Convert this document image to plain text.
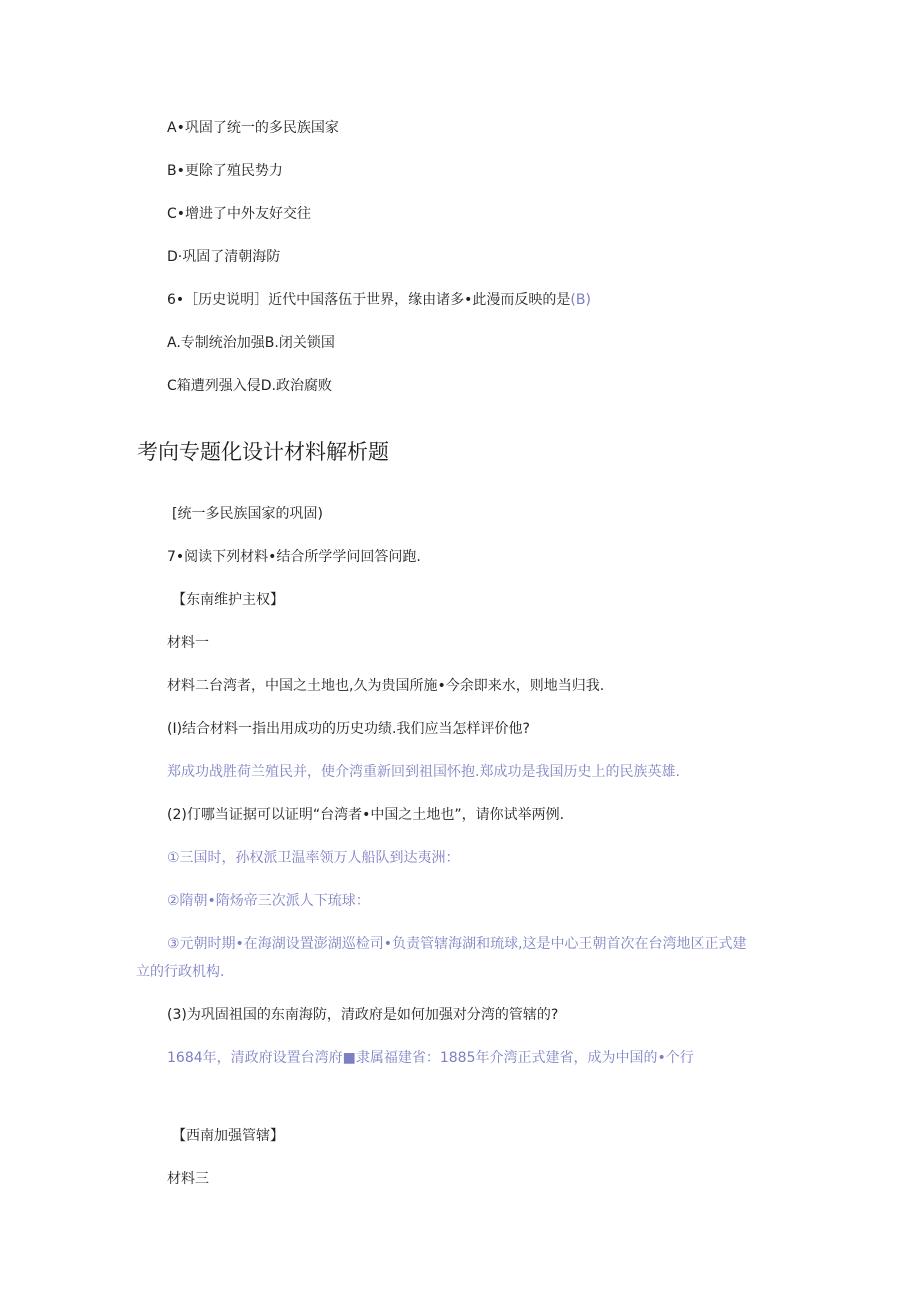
A•巩固了统一的多民族国家
B•更除了殖民势力
C•增进了中外友好交往
D·巩固了清朝海防
6•［历史说明］近代中国落伍于世界，缘由诸多•此漫而反映的是(B)
A.专制统治加强B.闭关锁国
C箱遭列强入侵D.政治腐败
考向专题化设计材料解析题
[统一多民族国家的巩固)
7•阅读下列材料•结合所学学问回答问跑.
【东南维护主权】
材料一
材料二台湾者，中国之土地也,久为贵国所施•今余即来水，则地当归我.
(I)结合材料一指出用成功的历史功绩.我们应当怎样评价他?
郑成功战胜荷兰殖民并，使介湾重新回到祖国怀抱.郑成功是我国历史上的民族英雄.
(2)仃哪当证据可以证明“台湾者•中国之土地也”，请你试举两例.
①三国时，孙权派卫温率领万人船队到达夷洲：
②隋朝•隋炀帝三次派人下琉球：
③元朝时期•在海湖设置澎湖巡检司•负责管辖海湖和琉球,这是中心王朝首次在台湾地区正式建
立的行政机构.
(3)为巩固祖国的东南海防，清政府是如何加强对分湾的管辖的?
1684年，清政府设置台湾府■隶属福建省：1885年介湾正式建省，成为中国的•个行
【西南加强管辖】
材料三
